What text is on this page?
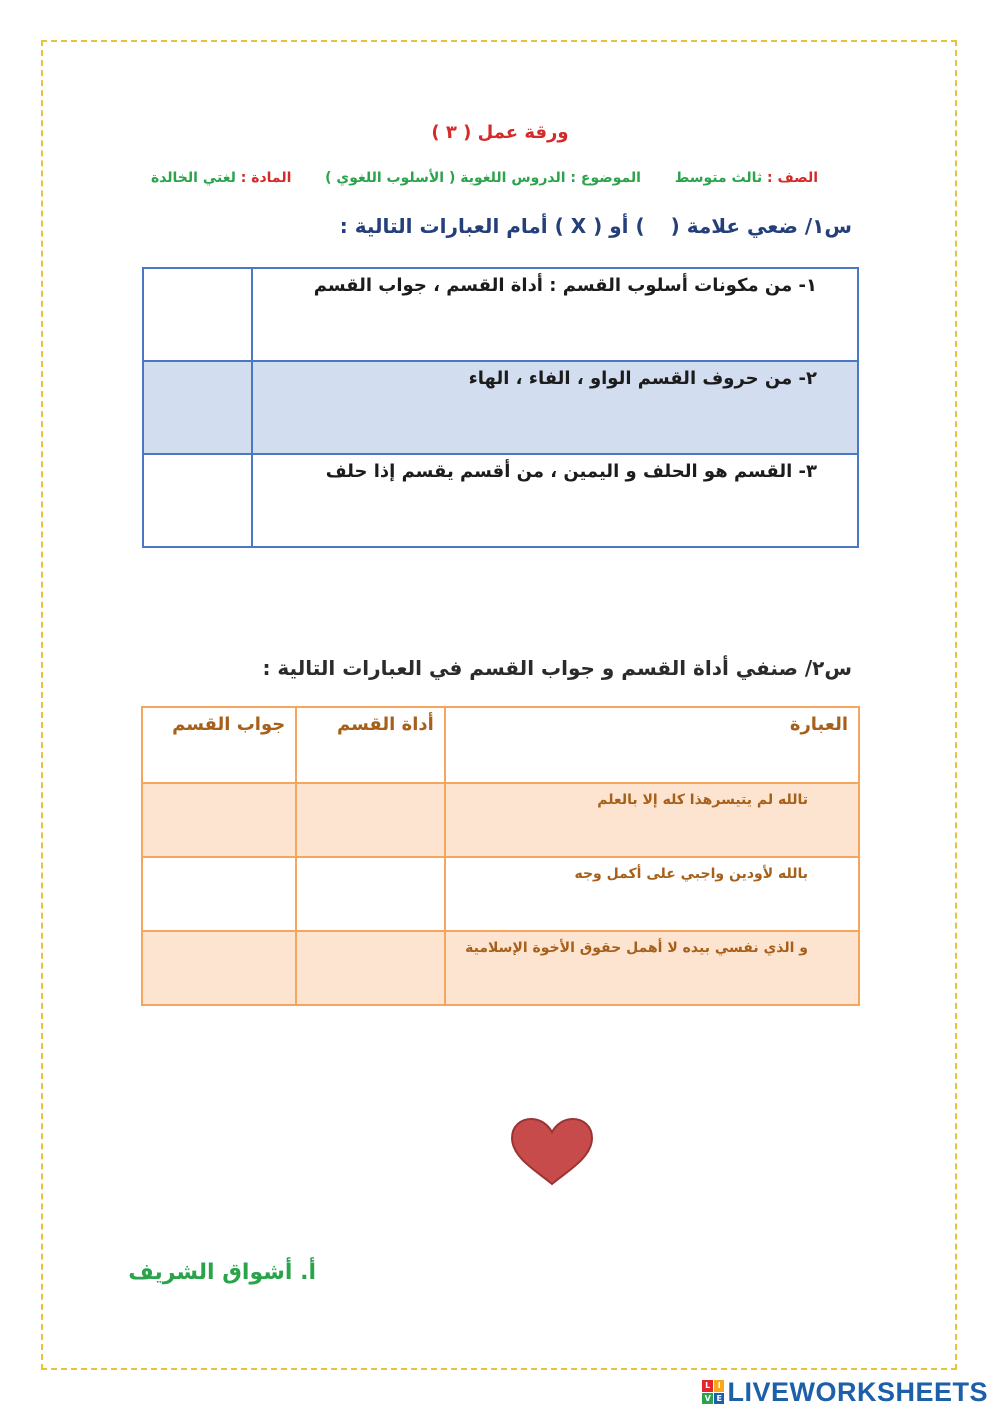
ورقة عمل ( ٣ )
الصف : ثالث متوسط  الموضوع : الدروس اللغوية ( الأسلوب اللغوي )  المادة : لغتي الخالدة
س١/ ضعي علامة () أو ( X ) أمام العبارات التالية :
١- من مكونات أسلوب القسم : أداة القسم ، جواب القسم	
٢- من حروف القسم الواو ، الفاء ، الهاء	
٣- القسم هو الحلف و اليمين ، من أقسم يقسم إذا حلف	
س٢/ صنفي أداة القسم و جواب القسم في العبارات التالية :
العبارة	أداة القسم	جواب القسم
تالله لم يتيسرهذا كله إلا بالعلم		
بالله لأودين واجبي على أكمل وجه		
و الذي نفسي بيده لا أهمل حقوق الأخوة الإسلامية		
أ. أشواق الشريف
L I
V E LIVEWORKSHEETS
